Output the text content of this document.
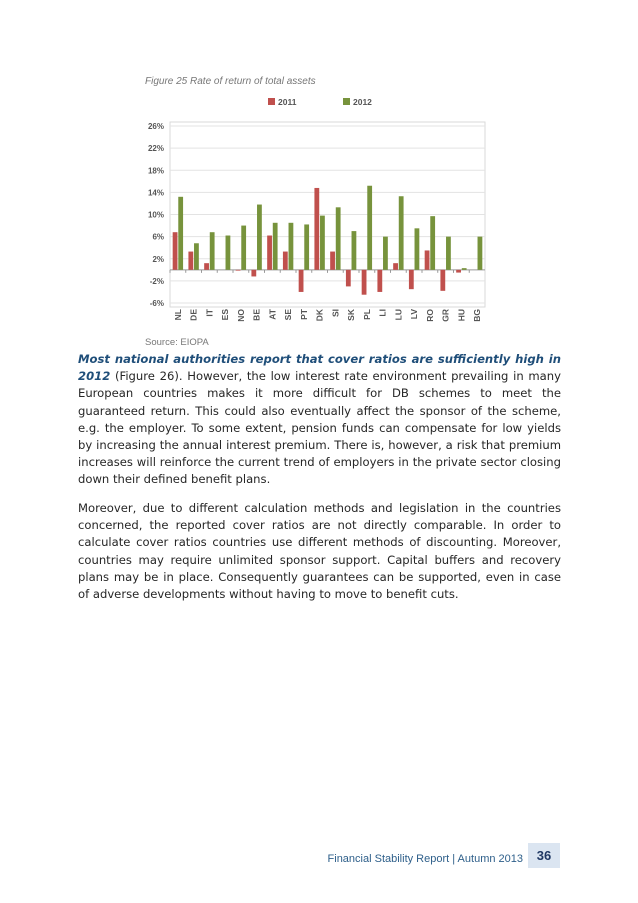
Figure 25 Rate of return of total assets
-6%
-2%
2%
6%
10%
14%
18%
22%
26%
NL DE IT ES NO BE AT SE PT DK SI SK PL LI LU LV RO GR HU BG
2011	2012
Source: EIOPA

Most national authorities report that cover ratios are sufficiently high in 2012 (Figure 26). However, the low interest rate environment prevailing in many European countries makes it more difficult for DB schemes to meet the guaranteed return. This could also eventually affect the sponsor of the scheme, e.g. the employer. To some extent, pension funds can compensate for low yields by increasing the annual interest premium. There is, however, a risk that premium increases will reinforce the current trend of employers in the private sector closing down their defined benefit plans.

Moreover, due to different calculation methods and legislation in the countries concerned, the reported cover ratios are not directly comparable. In order to calculate cover ratios countries use different methods of discounting. Moreover, countries may require unlimited sponsor support. Capital buffers and recovery plans may be in place. Consequently guarantees can be supported, even in case of adverse developments without having to move to benefit cuts.

Financial Stability Report | Autumn 2013	36
